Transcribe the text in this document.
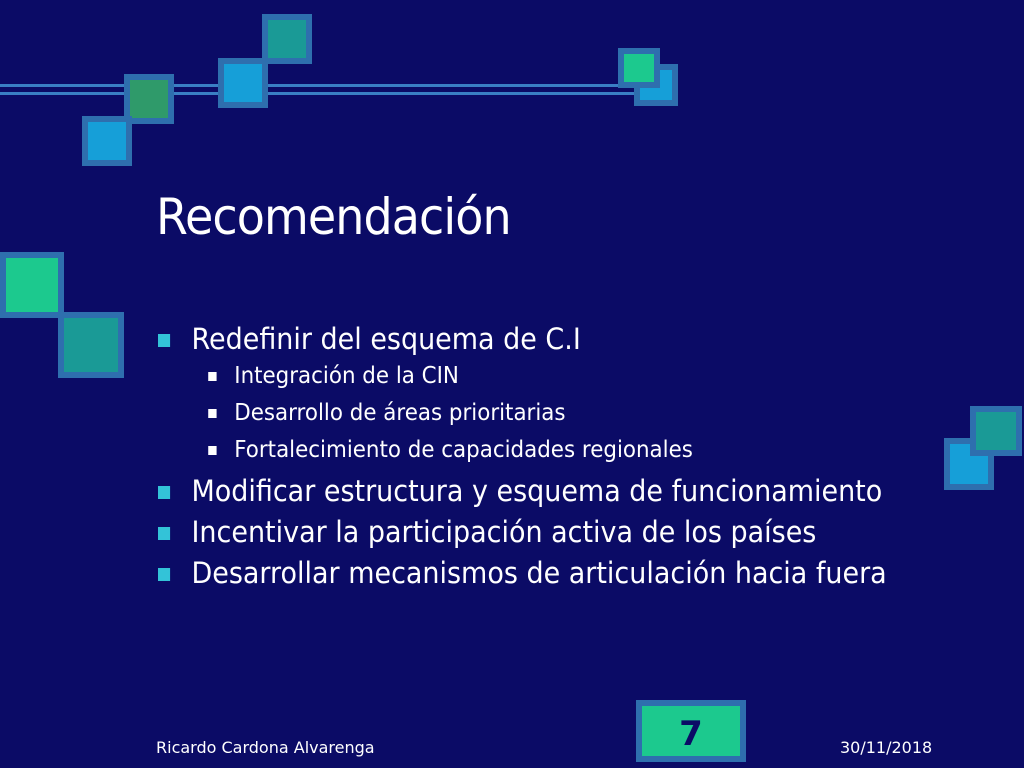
Recomendación
Redefinir del esquema de C.I
Integración de la CIN
Desarrollo de áreas prioritarias
Fortalecimiento de capacidades regionales
Modificar estructura y esquema de funcionamiento
Incentivar la participación activa de los países
Desarrollar mecanismos de articulación hacia fuera
Ricardo Cardona Alvarenga	30/11/2018
7
